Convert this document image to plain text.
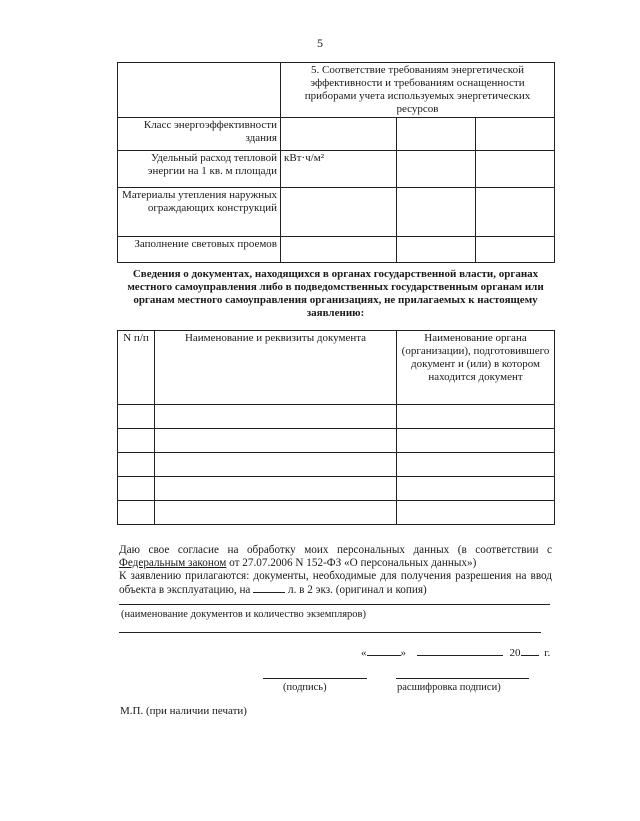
5
	5. Соответствие требованиям энергетической эффективности и требованиям оснащенности приборами учета используемых энергетических ресурсов		
Класс энергоэффективности здания			
Удельный расход тепловой энергии на 1 кв. м площади	кВт·ч/м²		
Материалы утепления наружных ограждающих конструкций			
Заполнение световых проемов			
Сведения о документах, находящихся в органах государственной власти, органах местного самоуправления либо в подведомственных государственным органам или органам местного самоуправления организациях, не прилагаемых к настоящему заявлению:
N п/п	Наименование и реквизиты документа	Наименование органа (организации), подготовившего документ и (или) в котором находится документ

Даю свое согласие на обработку моих персональных данных (в соответствии с Федеральным законом от 27.07.2006 N 152-ФЗ «О персональных данных»)

К заявлению прилагаются: документы, необходимые для получения разрешения на ввод объекта в эксплуатацию, на	л. в 2 экз. (оригинал и копия)

(наименование документов и количество экземпляров)
«	»	20 г.
(подпись)	расшифровка подписи)
М.П. (при наличии печати)
